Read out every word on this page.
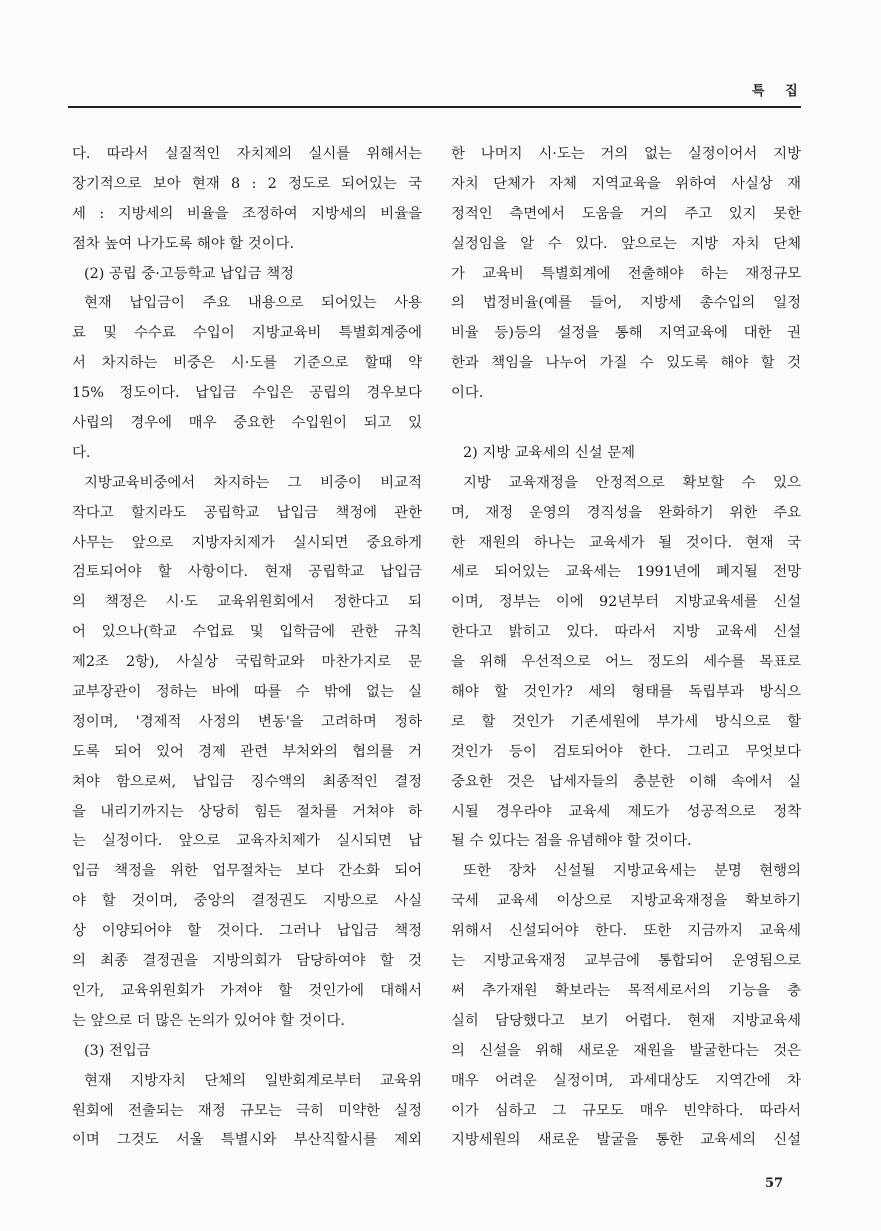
특 집
다. 따라서 실질적인 자치제의 실시를 위해서는
장기적으로 보아 현재 8 : 2 정도로 되어있는 국
세 : 지방세의 비율을 조정하여 지방세의 비율을
점차 높여 나가도록 해야 할 것이다.
(2) 공립 중·고등학교 납입금 책정
현재 납입금이 주요 내용으로 되어있는 사용
료 및 수수료 수입이 지방교육비 특별회계중에
서 차지하는 비중은 시·도를 기준으로 할때 약
15% 정도이다. 납입금 수입은 공립의 경우보다
사립의 경우에 매우 중요한 수입원이 되고 있
다.
지방교육비중에서 차지하는 그 비중이 비교적
작다고 할지라도 공립학교 납입금 책정에 관한
사무는 앞으로 지방자치제가 실시되면 중요하게
검토되어야 할 사항이다. 현재 공립학교 납입금
의 책정은 시·도 교육위원회에서 정한다고 되
어 있으나(학교 수업료 및 입학금에 관한 규칙
제2조 2항), 사실상 국립학교와 마찬가지로 문
교부장관이 정하는 바에 따를 수 밖에 없는 실
정이며, '경제적 사정의 변동'을 고려하며 정하
도록 되어 있어 경제 관련 부처와의 협의를 거
쳐야 함으로써, 납입금 징수액의 최종적인 결정
을 내리기까지는 상당히 힘든 절차를 거쳐야 하
는 실정이다. 앞으로 교육자치제가 실시되면 납
입금 책정을 위한 업무절차는 보다 간소화 되어
야 할 것이며, 중앙의 결정권도 지방으로 사실
상 이양되어야 할 것이다. 그러나 납입금 책정
의 최종 결정권을 지방의회가 담당하여야 할 것
인가, 교육위원회가 가져야 할 것인가에 대해서
는 앞으로 더 많은 논의가 있어야 할 것이다.
(3) 전입금
현재 지방자치 단체의 일반회계로부터 교육위
원회에 전출되는 재정 규모는 극히 미약한 실정
이며 그것도 서울 특별시와 부산직할시를 제외
한 나머지 시·도는 거의 없는 실정이어서 지방
자치 단체가 자체 지역교육을 위하여 사실상 재
정적인 측면에서 도움을 거의 주고 있지 못한
실정임을 알 수 있다. 앞으로는 지방 자치 단체
가 교육비 특별회계에 전출해야 하는 재정규모
의 법정비율(예를 들어, 지방세 총수입의 일정
비율 등)등의 설정을 통해 지역교육에 대한 권
한과 책임을 나누어 가질 수 있도록 해야 할 것
이다.
2) 지방 교육세의 신설 문제
지방 교육재정을 안정적으로 확보할 수 있으
며, 재정 운영의 경직성을 완화하기 위한 주요
한 재원의 하나는 교육세가 될 것이다. 현재 국
세로 되어있는 교육세는 1991년에 폐지될 전망
이며, 정부는 이에 92년부터 지방교육세를 신설
한다고 밝히고 있다. 따라서 지방 교육세 신설
을 위해 우선적으로 어느 정도의 세수를 목표로
해야 할 것인가? 세의 형태를 독립부과 방식으
로 할 것인가 기존세원에 부가세 방식으로 할
것인가 등이 검토되어야 한다. 그리고 무엇보다
중요한 것은 납세자들의 충분한 이해 속에서 실
시될 경우라야 교육세 제도가 성공적으로 정착
될 수 있다는 점을 유념해야 할 것이다.
또한 장차 신설될 지방교육세는 분명 현행의
국세 교육세 이상으로 지방교육재정을 확보하기
위해서 신설되어야 한다. 또한 지금까지 교육세
는 지방교육재정 교부금에 통합되어 운영됨으로
써 추가재원 확보라는 목적세로서의 기능을 충
실히 담당했다고 보기 어렵다. 현재 지방교육세
의 신설을 위해 새로운 재원을 발굴한다는 것은
매우 어려운 실정이며, 과세대상도 지역간에 차
이가 심하고 그 규모도 매우 빈약하다. 따라서
지방세원의 새로운 발굴을 통한 교육세의 신설
57
